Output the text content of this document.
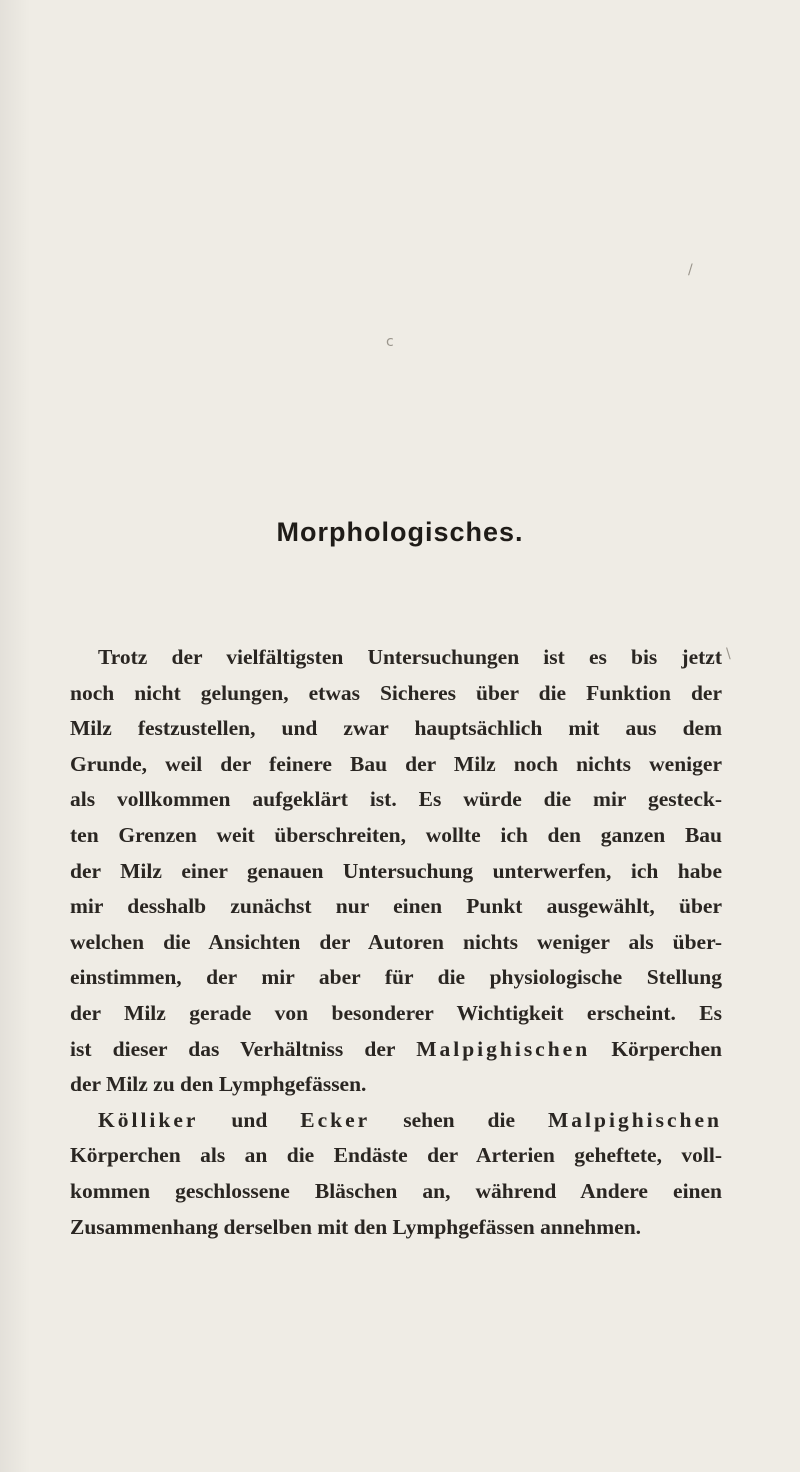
/
c
\
Morphologisches.
Trotz der vielfältigsten Untersuchungen ist es bis jetzt
noch nicht gelungen, etwas Sicheres über die Funktion der
Milz festzustellen, und zwar hauptsächlich mit aus dem
Grunde, weil der feinere Bau der Milz noch nichts weniger
als vollkommen aufgeklärt ist. Es würde die mir gesteck-
ten Grenzen weit überschreiten, wollte ich den ganzen Bau
der Milz einer genauen Untersuchung unterwerfen, ich habe
mir desshalb zunächst nur einen Punkt ausgewählt, über
welchen die Ansichten der Autoren nichts weniger als über-
einstimmen, der mir aber für die physiologische Stellung
der Milz gerade von besonderer Wichtigkeit erscheint. Es
ist dieser das Verhältniss der Malpighischen Körperchen
der Milz zu den Lymphgefässen.
Kölliker und Ecker sehen die Malpighischen
Körperchen als an die Endäste der Arterien geheftete, voll-
kommen geschlossene Bläschen an, während Andere einen
Zusammenhang derselben mit den Lymphgefässen annehmen.
